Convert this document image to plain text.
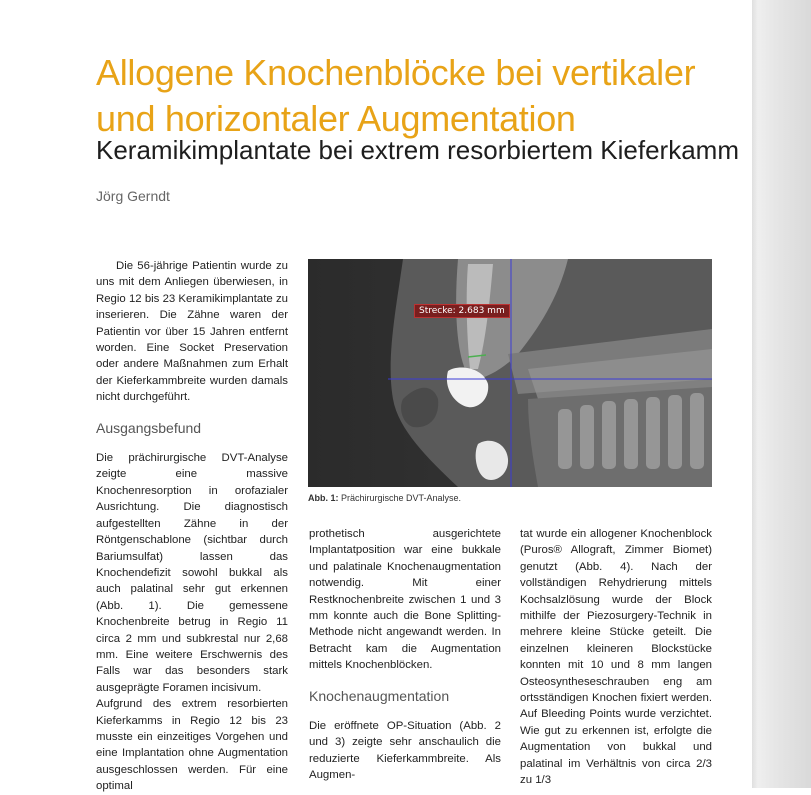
Allogene Knochenblöcke bei vertikaler und horizontaler Augmentation
Keramikimplantate bei extrem resorbiertem Kieferkamm
Jörg Gerndt

Die 56-jährige Patientin wurde zu uns mit dem Anliegen überwiesen, in Regio 12 bis 23 Keramikimplantate zu inserieren. Die Zähne waren der Patientin vor über 15 Jahren entfernt worden. Eine Socket Preservation oder andere Maßnahmen zum Erhalt der Kieferkammbreite wurden damals nicht durchgeführt.

Ausgangsbefund

Die prächirurgische DVT-Analyse zeigte eine massive Knochenresorption in orofazialer Ausrichtung. Die diagnostisch aufgestellten Zähne in der Röntgenschablone (sichtbar durch Bariumsulfat) lassen das Knochendefizit sowohl bukkal als auch palatinal sehr gut erkennen (Abb. 1). Die gemessene Knochenbreite betrug in Regio 11 circa 2 mm und subkrestal nur 2,68 mm. Eine weitere Erschwernis des Falls war das besonders stark ausgeprägte Foramen incisivum.

Aufgrund des extrem resorbierten Kieferkamms in Regio 12 bis 23 musste ein einzeitiges Vorgehen und eine Implantation ohne Augmentation ausgeschlossen werden. Für eine optimal

Strecke: 2.683 mm
Abb. 1: Prächirurgische DVT-Analyse.

prothetisch ausgerichtete Implantatposition war eine bukkale und palatinale Knochenaugmentation notwendig. Mit einer Restknochenbreite zwischen 1 und 3 mm konnte auch die Bone Splitting-Methode nicht angewandt werden. In Betracht kam die Augmentation mittels Knochenblöcken.

Knochenaugmentation

Die eröffnete OP-Situation (Abb. 2 und 3) zeigte sehr anschaulich die reduzierte Kieferkammbreite. Als Augmen-

tat wurde ein allogener Knochenblock (Puros® Allograft, Zimmer Biomet) genutzt (Abb. 4). Nach der vollständigen Rehydrierung mittels Kochsalzlösung wurde der Block mithilfe der Piezosurgery-Technik in mehrere kleine Stücke geteilt. Die einzelnen kleineren Blockstücke konnten mit 10 und 8 mm langen Osteosyntheseschrauben eng am ortsständigen Knochen fixiert werden. Auf Bleeding Points wurde verzichtet. Wie gut zu erkennen ist, erfolgte die Augmentation von bukkal und palatinal im Verhältnis von circa 2/3 zu 1/3
